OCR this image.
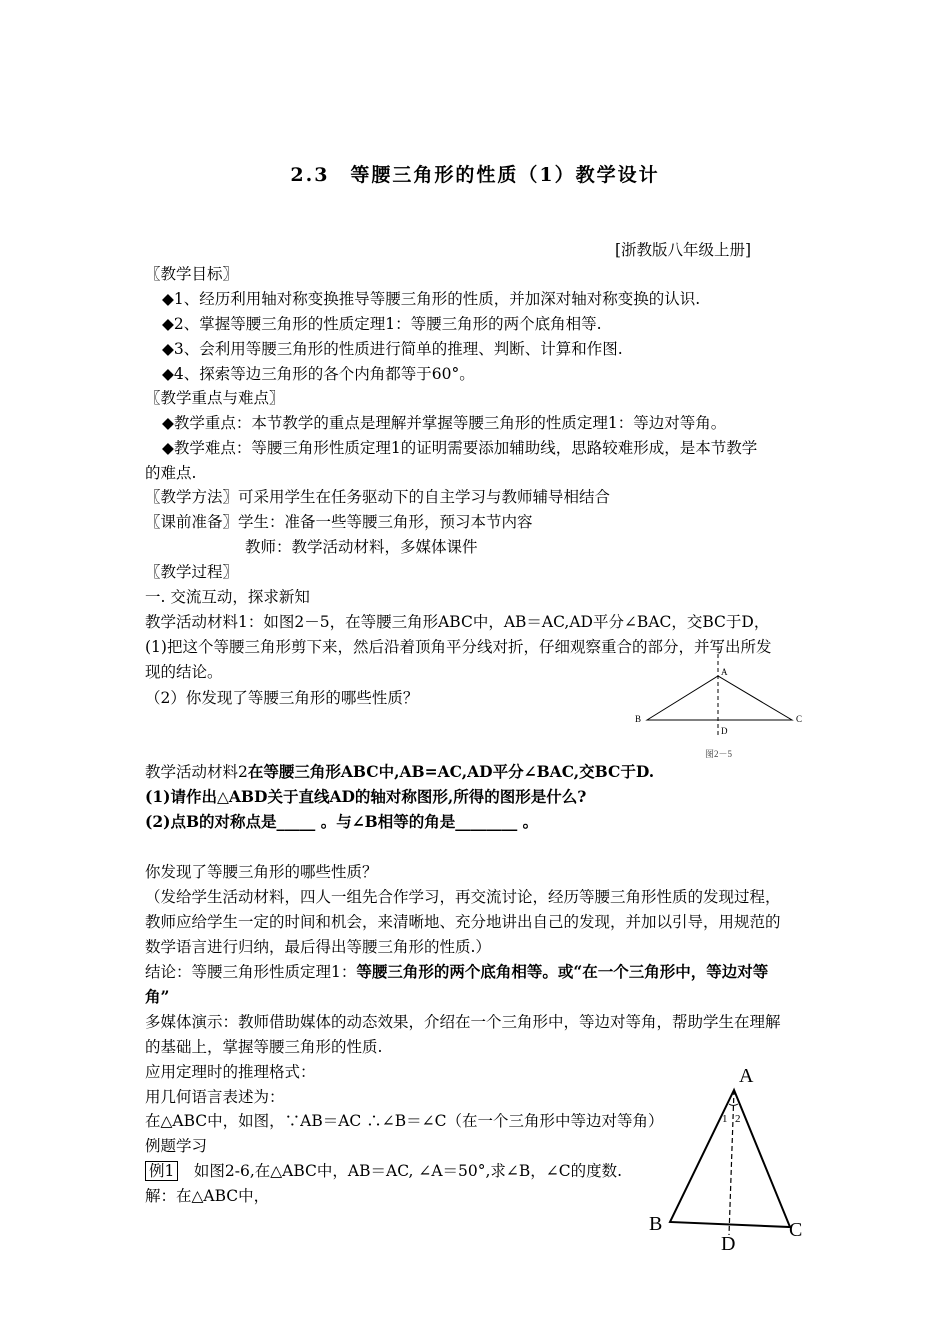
2.3　等腰三角形的性质（1）教学设计
[浙教版八年级上册]
〖教学目标〗
◆1、经历利用轴对称变换推导等腰三角形的性质，并加深对轴对称变换的认识.
◆2、掌握等腰三角形的性质定理1：等腰三角形的两个底角相等.
◆3、会利用等腰三角形的性质进行简单的推理、判断、计算和作图.
◆4、探索等边三角形的各个内角都等于60°。
〖教学重点与难点〗
◆教学重点：本节教学的重点是理解并掌握等腰三角形的性质定理1：等边对等角。
◆教学难点：等腰三角形性质定理1的证明需要添加辅助线，思路较难形成，是本节教学
的难点.
〖教学方法〗可采用学生在任务驱动下的自主学习与教师辅导相结合
〖课前准备〗学生：准备一些等腰三角形，预习本节内容
教师：教学活动材料，多媒体课件
〖教学过程〗
一. 交流互动，探求新知
教学活动材料1：如图2－5，在等腰三角形ABC中，AB＝AC,AD平分∠BAC，交BC于D，
(1)把这个等腰三角形剪下来，然后沿着顶角平分线对折，仔细观察重合的部分，并写出所发
现的结论。
（2）你发现了等腰三角形的哪些性质？
A
B	C
D
图2－5
教学活动材料2在等腰三角形ABC中,AB=AC,AD平分∠BAC,交BC于D.
(1)请作出△ABD关于直线AD的轴对称图形,所得的图形是什么?
(2)点B的对称点是_____ 。与∠B相等的角是________ 。
你发现了等腰三角形的哪些性质？
（发给学生活动材料，四人一组先合作学习，再交流讨论，经历等腰三角形性质的发现过程，
教师应给学生一定的时间和机会，来清晰地、充分地讲出自己的发现，并加以引导，用规范的
数学语言进行归纳，最后得出等腰三角形的性质.）
结论：等腰三角形性质定理1：等腰三角形的两个底角相等。或“在一个三角形中，等边对等
角”
多媒体演示：教师借助媒体的动态效果，介绍在一个三角形中，等边对等角，帮助学生在理解
的基础上，掌握等腰三角形的性质.
应用定理时的推理格式：
用几何语言表述为：
在△ABC中，如图，∵AB＝AC ∴∠B＝∠C（在一个三角形中等边对等角）
例题学习
例1　如图2-6,在△ABC中，AB＝AC, ∠A＝50°,求∠B，∠C的度数.
解：在△ABC中，
A
B	C
D
1 2
